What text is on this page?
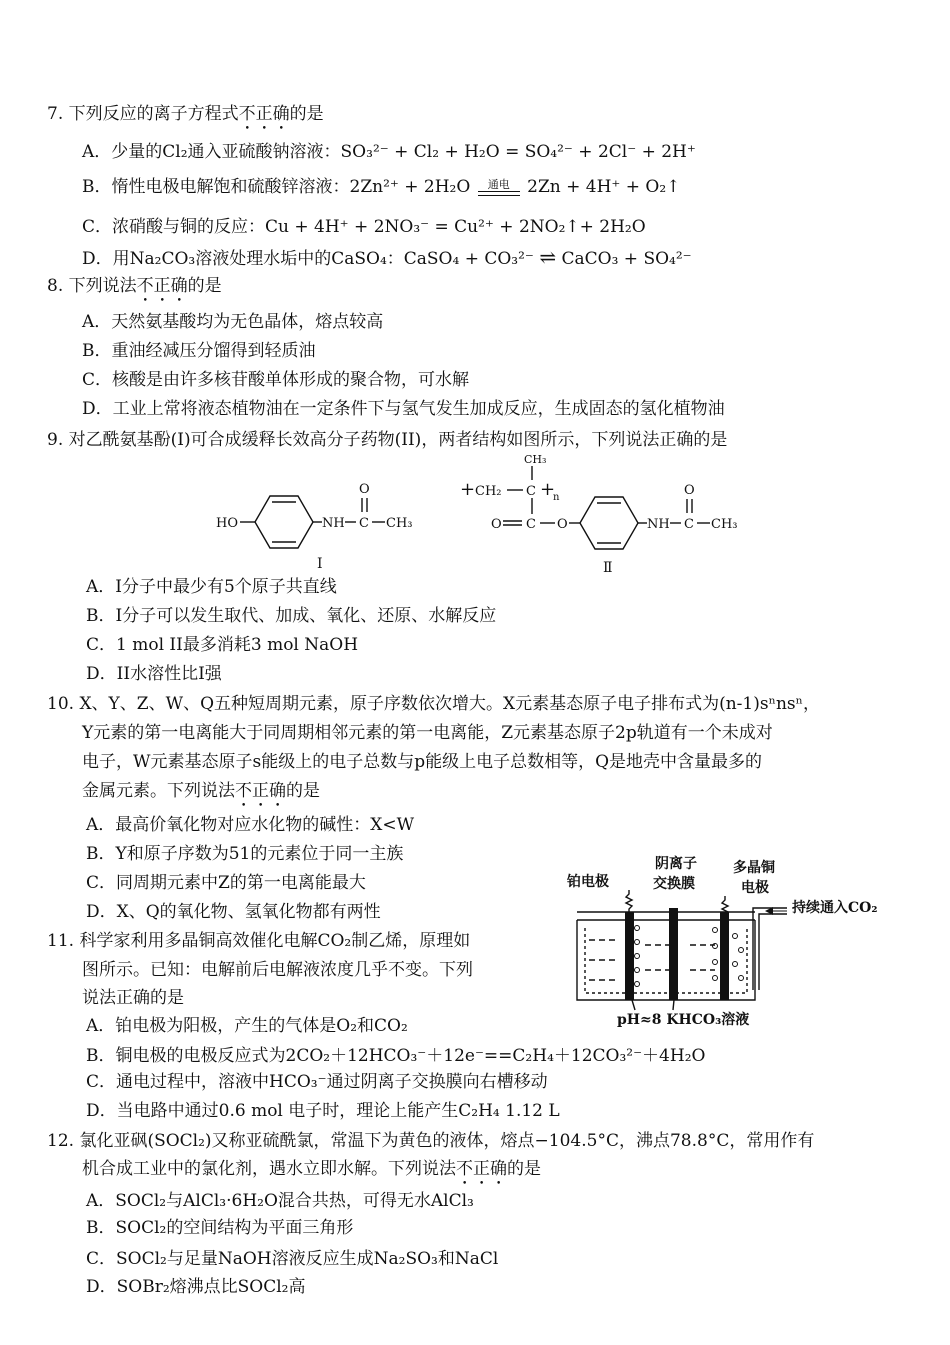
7. 下列反应的离子方程式不正确的是
A．少量的Cl₂通入亚硫酸钠溶液：SO₃²⁻ + Cl₂ + H₂O = SO₄²⁻ + 2Cl⁻ + 2H⁺
B．惰性电极电解饱和硫酸锌溶液：2Zn²⁺ + 2H₂O	通电	2Zn + 4H⁺ + O₂↑
C．浓硝酸与铜的反应：Cu + 4H⁺ + 2NO₃⁻ = Cu²⁺ + 2NO₂↑+ 2H₂O
D．用Na₂CO₃溶液处理水垢中的CaSO₄：CaSO₄ + CO₃²⁻ ⇌ CaCO₃ + SO₄²⁻
8. 下列说法不正确的是
A．天然氨基酸均为无色晶体，熔点较高
B．重油经减压分馏得到轻质油
C．核酸是由许多核苷酸单体形成的聚合物，可水解
D．工业上常将液态植物油在一定条件下与氢气发生加成反应，生成固态的氢化植物油
9. 对乙酰氨基酚(I)可合成缓释长效高分子药物(II)，两者结构如图所示，下列说法正确的是
HO	NH C
O
CH₃
I
CH₃
+ CH₂ C +
n
O C O	NH C
O
CH₃
Ⅱ
A．I分子中最少有5个原子共直线
B．I分子可以发生取代、加成、氧化、还原、水解反应
C．1 mol II最多消耗3 mol NaOH
D．II水溶性比I强
10. X、Y、Z、W、Q五种短周期元素，原子序数依次增大。X元素基态原子电子排布式为(n-1)sⁿnsⁿ，
Y元素的第一电离能大于同周期相邻元素的第一电离能，Z元素基态原子2p轨道有一个未成对
电子，W元素基态原子s能级上的电子总数与p能级上电子总数相等，Q是地壳中含量最多的
金属元素。下列说法不正确的是
A．最高价氧化物对应水化物的碱性：X<W
B．Y和原子序数为51的元素位于同一主族
C．同周期元素中Z的第一电离能最大
D．X、Q的氧化物、氢氧化物都有两性
11. 科学家利用多晶铜高效催化电解CO₂制乙烯，原理如
图所示。已知：电解前后电解液浓度几乎不变。下列
说法正确的是
铂电极
阴离子
交换膜
多晶铜
电极
持续通入CO₂
pH≈8 KHCO₃溶液
A．铂电极为阳极，产生的气体是O₂和CO₂
B．铜电极的电极反应式为2CO₂＋12HCO₃⁻＋12e⁻==C₂H₄＋12CO₃²⁻＋4H₂O
C．通电过程中，溶液中HCO₃⁻通过阴离子交换膜向右槽移动
D．当电路中通过0.6 mol 电子时，理论上能产生C₂H₄ 1.12 L
12. 氯化亚砜(SOCl₂)又称亚硫酰氯，常温下为黄色的液体，熔点−104.5°C，沸点78.8°C，常用作有
机合成工业中的氯化剂，遇水立即水解。下列说法不正确的是
A．SOCl₂与AlCl₃·6H₂O混合共热，可得无水AlCl₃
B．SOCl₂的空间结构为平面三角形
C．SOCl₂与足量NaOH溶液反应生成Na₂SO₃和NaCl
D．SOBr₂熔沸点比SOCl₂高
